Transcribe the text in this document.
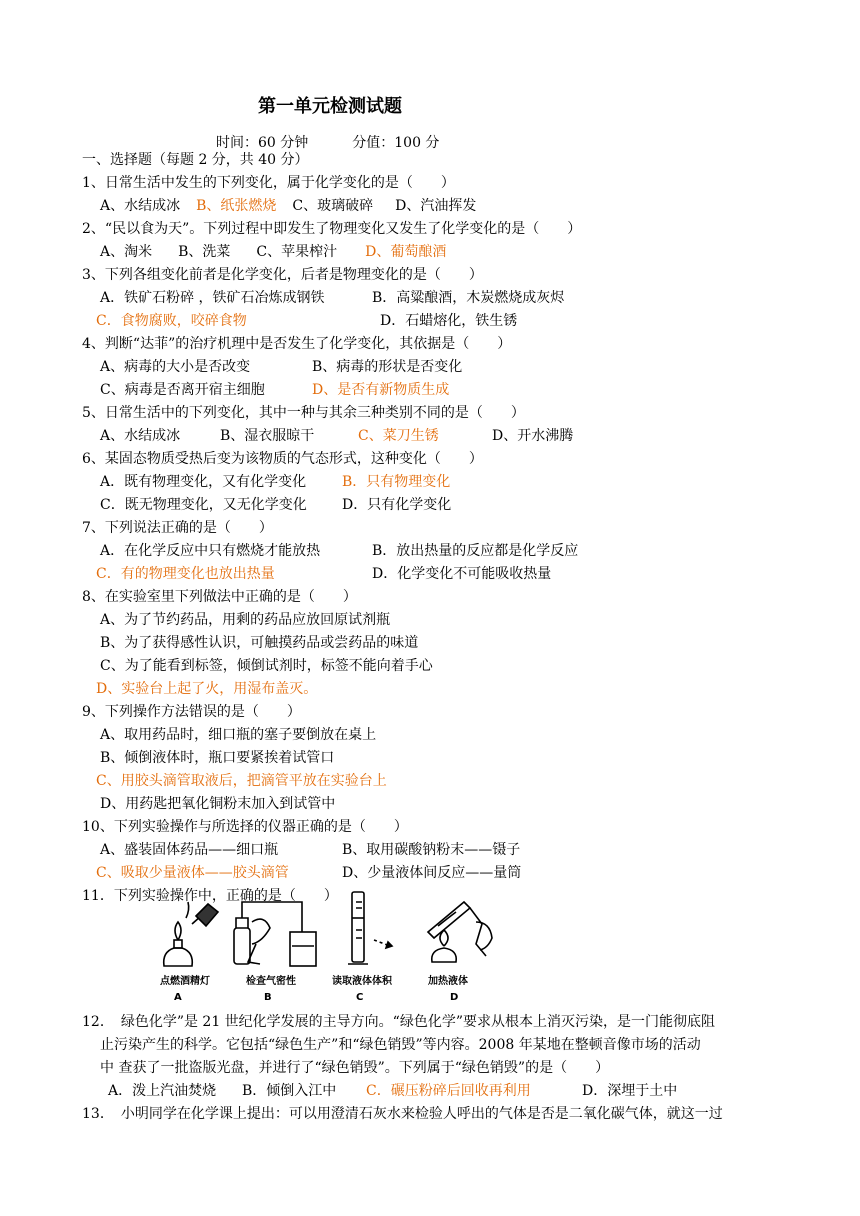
第一单元检测试题
时间：60 分钟	分值：100 分
一、选择题（每题 2 分，共 40 分）
1、日常生活中发生的下列变化，属于化学变化的是（　　）
A、水结成冰 B、纸张燃烧 C、玻璃破碎 D、汽油挥发
2、“民以食为天”。下列过程中即发生了物理变化又发生了化学变化的是（　　）
A、淘米 B、洗菜 C、苹果榨汁 D、葡萄酿酒
3、下列各组变化前者是化学变化，后者是物理变化的是（　　）
A．铁矿石粉碎 ，铁矿石冶炼成钢铁	B．高粱酿酒，木炭燃烧成灰烬
C．食物腐败，咬碎食物	D．石蜡熔化，铁生锈
4、判断“达菲”的治疗机理中是否发生了化学变化，其依据是（　　）
A、病毒的大小是否改变	B、病毒的形状是否变化
C、病毒是否离开宿主细胞	D、是否有新物质生成
5、日常生活中的下列变化，其中一种与其余三种类别不同的是（　　）
A、水结成冰	B、湿衣服晾干	C、菜刀生锈	D、开水沸腾
6、某固态物质受热后变为该物质的气态形式，这种变化（　　）
A．既有物理变化，又有化学变化	B．只有物理变化
C．既无物理变化，又无化学变化	D．只有化学变化
7、下列说法正确的是（　　）
A．在化学反应中只有燃烧才能放热	B．放出热量的反应都是化学反应
C．有的物理变化也放出热量	D．化学变化不可能吸收热量
8、在实验室里下列做法中正确的是（　　）
A、为了节约药品，用剩的药品应放回原试剂瓶
B、为了获得感性认识，可触摸药品或尝药品的味道
C、为了能看到标签，倾倒试剂时，标签不能向着手心
D、实验台上起了火，用湿布盖灭。
9、下列操作方法错误的是（　　）
A、取用药品时，细口瓶的塞子要倒放在桌上
B、倾倒液体时，瓶口要紧挨着试管口
C、用胶头滴管取液后，把滴管平放在实验台上
D、用药匙把氧化铜粉末加入到试管中
10、下列实验操作与所选择的仪器正确的是（　　）
A、盛装固体药品——细口瓶	B、取用碳酸钠粉末——镊子
C、吸取少量液体——胶头滴管	D、少量液体间反应——量筒
11．下列实验操作中，正确的是（　　）
点燃酒精灯	检查气密性	读取液体体积	加热液体
A	B	C	D
12．　绿色化学”是 21 世纪化学发展的主导方向。“绿色化学”要求从根本上消灭污染，是一门能彻底阻
止污染产生的科学。它包括“绿色生产”和“绿色销毁”等内容。2008 年某地在整顿音像市场的活动
中 查获了一批盗版光盘，并进行了“绿色销毁”。下列属于“绿色销毁”的是（　　）
A．泼上汽油焚烧 B．倾倒入江中 C．碾压粉碎后回收再利用	D．深埋于土中
13．　小明同学在化学课上提出：可以用澄清石灰水来检验人呼出的气体是否是二氧化碳气体，就这一过
